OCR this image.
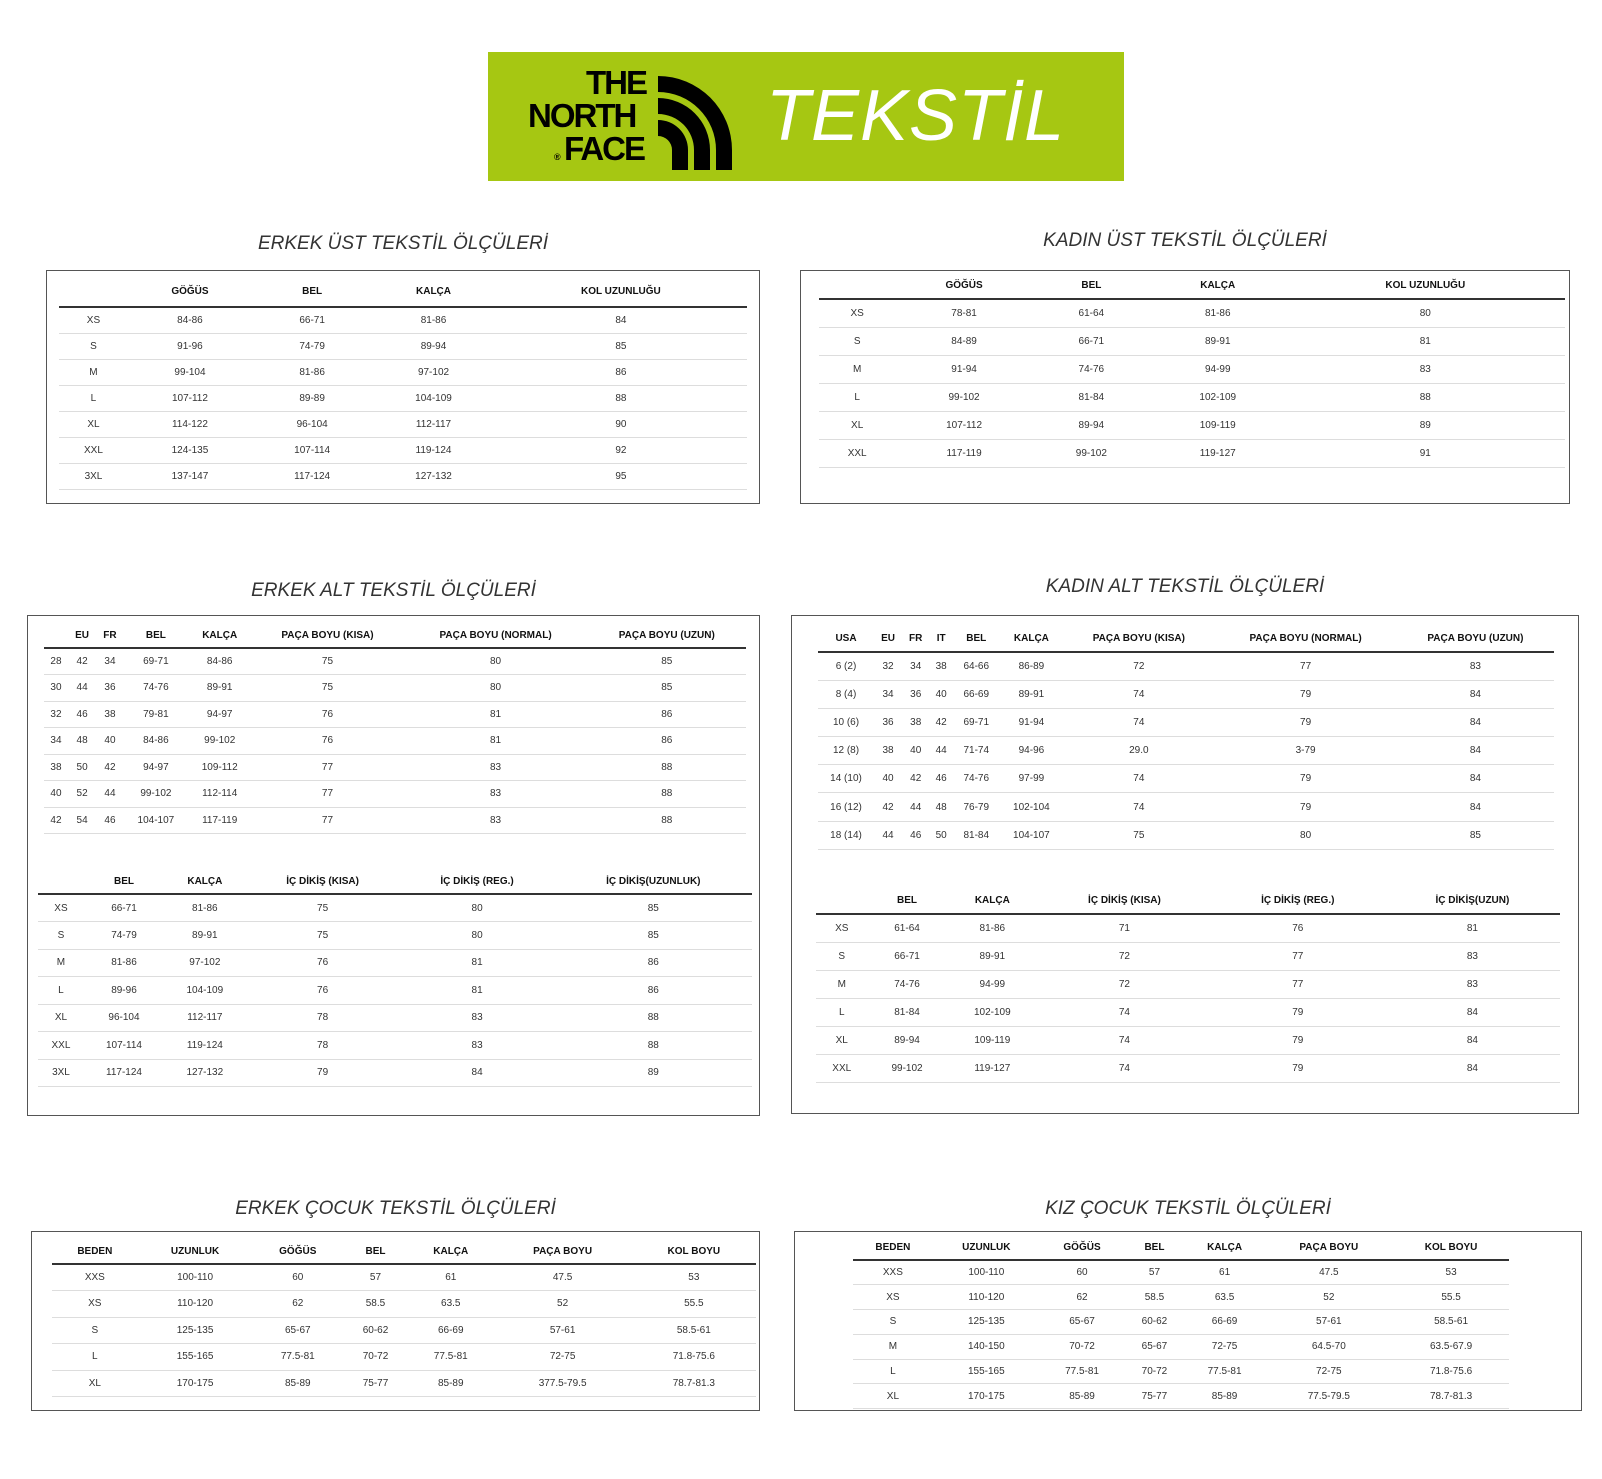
THE
NORTH
FACE
®
TEKSTİL
ERKEK ÜST TEKSTİL ÖLÇÜLERİ
	GÖĞÜS	BEL	KALÇA	KOL UZUNLUĞU
XS	84-86	66-71	81-86	84
S	91-96	74-79	89-94	85
M	99-104	81-86	97-102	86
L	107-112	89-89	104-109	88
XL	114-122	96-104	112-117	90
XXL	124-135	107-114	119-124	92
3XL	137-147	117-124	127-132	95
KADIN ÜST TEKSTİL ÖLÇÜLERİ
	GÖĞÜS	BEL	KALÇA	KOL UZUNLUĞU
XS	78-81	61-64	81-86	80
S	84-89	66-71	89-91	81
M	91-94	74-76	94-99	83
L	99-102	81-84	102-109	88
XL	107-112	89-94	109-119	89
XXL	117-119	99-102	119-127	91
ERKEK ALT TEKSTİL ÖLÇÜLERİ
	EU	FR	BEL	KALÇA	PAÇA BOYU (KISA)	PAÇA BOYU (NORMAL)	PAÇA BOYU (UZUN)
28	42	34	69-71	84-86	75	80	85
30	44	36	74-76	89-91	75	80	85
32	46	38	79-81	94-97	76	81	86
34	48	40	84-86	99-102	76	81	86
38	50	42	94-97	109-112	77	83	88
40	52	44	99-102	112-114	77	83	88
42	54	46	104-107	117-119	77	83	88
	BEL	KALÇA	İÇ DİKİŞ (KISA)	İÇ DİKİŞ (REG.)	İÇ DİKİŞ(UZUNLUK)
XS	66-71	81-86	75	80	85
S	74-79	89-91	75	80	85
M	81-86	97-102	76	81	86
L	89-96	104-109	76	81	86
XL	96-104	112-117	78	83	88
XXL	107-114	119-124	78	83	88
3XL	117-124	127-132	79	84	89
KADIN ALT TEKSTİL ÖLÇÜLERİ
USA	EU	FR	IT	BEL	KALÇA	PAÇA BOYU (KISA)	PAÇA BOYU (NORMAL)	PAÇA BOYU (UZUN)
6 (2)	32	34	38	64-66	86-89	72	77	83
8 (4)	34	36	40	66-69	89-91	74	79	84
10 (6)	36	38	42	69-71	91-94	74	79	84
12 (8)	38	40	44	71-74	94-96	29.0	3-79	84
14 (10)	40	42	46	74-76	97-99	74	79	84
16 (12)	42	44	48	76-79	102-104	74	79	84
18 (14)	44	46	50	81-84	104-107	75	80	85
	BEL	KALÇA	İÇ DİKİŞ (KISA)	İÇ DİKİŞ (REG.)	İÇ DİKİŞ(UZUN)
XS	61-64	81-86	71	76	81
S	66-71	89-91	72	77	83
M	74-76	94-99	72	77	83
L	81-84	102-109	74	79	84
XL	89-94	109-119	74	79	84
XXL	99-102	119-127	74	79	84
ERKEK ÇOCUK TEKSTİL ÖLÇÜLERİ
BEDEN	UZUNLUK	GÖĞÜS	BEL	KALÇA	PAÇA BOYU	KOL BOYU
XXS	100-110	60	57	61	47.5	53
XS	110-120	62	58.5	63.5	52	55.5
S	125-135	65-67	60-62	66-69	57-61	58.5-61
L	155-165	77.5-81	70-72	77.5-81	72-75	71.8-75.6
XL	170-175	85-89	75-77	85-89	377.5-79.5	78.7-81.3
KIZ ÇOCUK TEKSTİL ÖLÇÜLERİ
BEDEN	UZUNLUK	GÖĞÜS	BEL	KALÇA	PAÇA BOYU	KOL BOYU
XXS	100-110	60	57	61	47.5	53
XS	110-120	62	58.5	63.5	52	55.5
S	125-135	65-67	60-62	66-69	57-61	58.5-61
M	140-150	70-72	65-67	72-75	64.5-70	63.5-67.9
L	155-165	77.5-81	70-72	77.5-81	72-75	71.8-75.6
XL	170-175	85-89	75-77	85-89	77.5-79.5	78.7-81.3
